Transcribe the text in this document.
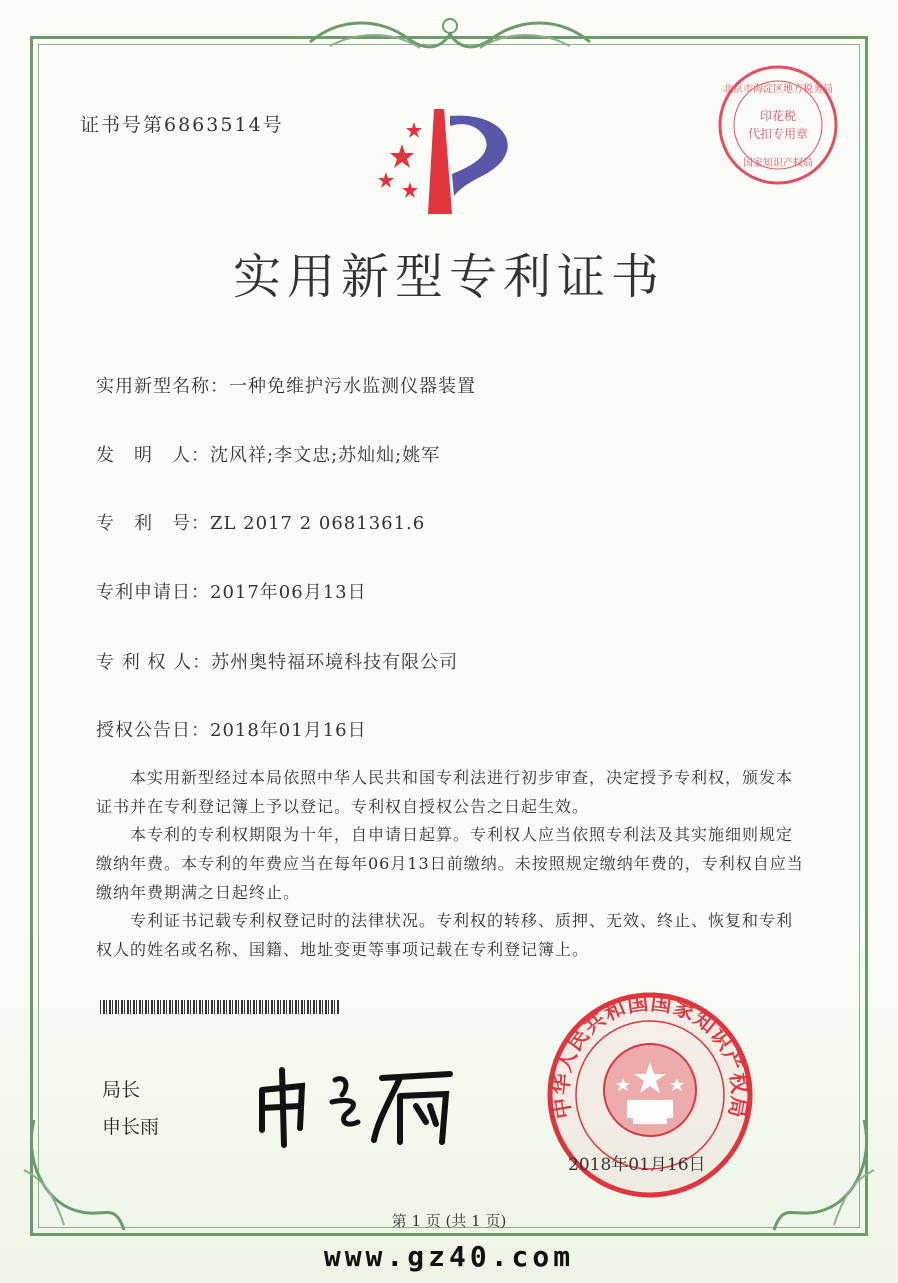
证书号第6863514号
北京市海淀区地方税务局
印花税
代扣专用章
国家知识产权局
实用新型专利证书
实用新型名称：一种免维护污水监测仪器装置
发　明　人：沈风祥;李文忠;苏灿灿;姚军
专　利　号：ZL 2017 2 0681361.6
专利申请日：2017年06月13日
专 利 权 人：苏州奥特福环境科技有限公司
授权公告日：2018年01月16日
本实用新型经过本局依照中华人民共和国专利法进行初步审查，决定授予专利权，颁发本证书并在专利登记簿上予以登记。专利权自授权公告之日起生效。
本专利的专利权期限为十年，自申请日起算。专利权人应当依照专利法及其实施细则规定缴纳年费。本专利的年费应当在每年06月13日前缴纳。未按照规定缴纳年费的，专利权自应当缴纳年费期满之日起终止。
专利证书记载专利权登记时的法律状况。专利权的转移、质押、无效、终止、恢复和专利权人的姓名或名称、国籍、地址变更等事项记载在专利登记簿上。
局长
申长雨
中华人民共和国国家知识产权局
2018年01月16日
第 1 页 (共 1 页)
www.gz40.com
